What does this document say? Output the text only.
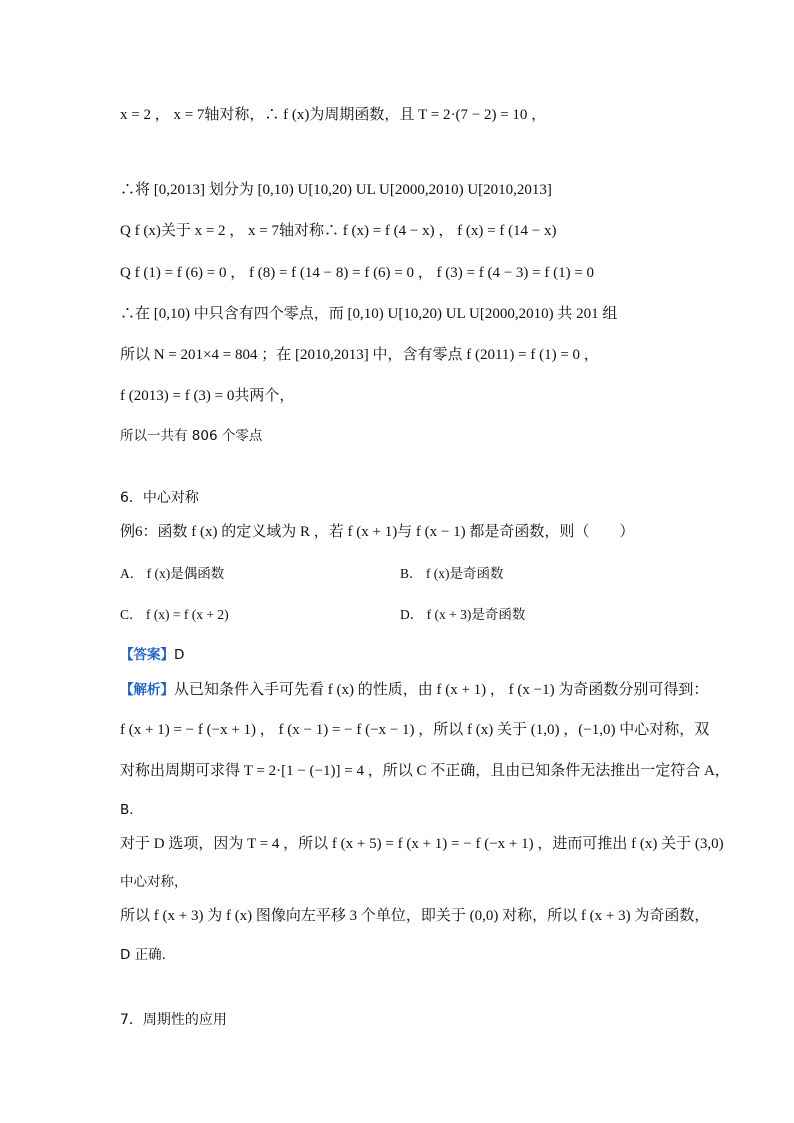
x = 2 ， x = 7轴对称，∴ f (x)为周期函数，且 T = 2·(7 − 2) = 10 ，
∴将 [0,2013] 划分为 [0,10) U[10,20) UL U[2000,2010) U[2010,2013]
Q f (x)关于 x = 2 ， x = 7轴对称∴ f (x) = f (4 − x) ， f (x) = f (14 − x)
Q f (1) = f (6) = 0 ， f (8) = f (14 − 8) = f (6) = 0 ， f (3) = f (4 − 3) = f (1) = 0
∴在 [0,10) 中只含有四个零点，而 [0,10) U[10,20) UL U[2000,2010) 共 201 组
所以 N = 201×4 = 804 ；在 [2010,2013] 中，含有零点 f (2011) = f (1) = 0 ，
f (2013) = f (3) = 0共两个，
所以一共有 806 个零点
6．中心对称
例6：函数 f (x) 的定义域为 R ，若 f (x + 1)与 f (x − 1) 都是奇函数，则（　　）
A． f (x)是偶函数	B． f (x)是奇函数
C． f (x) = f (x + 2)	D． f (x + 3)是奇函数
【答案】D
【解析】从已知条件入手可先看 f (x) 的性质，由 f (x + 1) ， f (x −1) 为奇函数分别可得到：
f (x + 1) = − f (−x + 1) ， f (x − 1) = − f (−x − 1) ，所以 f (x) 关于 (1,0) ，(−1,0) 中心对称，双
对称出周期可求得 T = 2·[1 − (−1)] = 4 ，所以 C 不正确，且由已知条件无法推出一定符合 A，
B．
对于 D 选项，因为 T = 4 ，所以 f (x + 5) = f (x + 1) = − f (−x + 1) ，进而可推出 f (x) 关于 (3,0)
中心对称，
所以 f (x + 3) 为 f (x) 图像向左平移 3 个单位，即关于 (0,0) 对称，所以 f (x + 3) 为奇函数，
D 正确．
7．周期性的应用
